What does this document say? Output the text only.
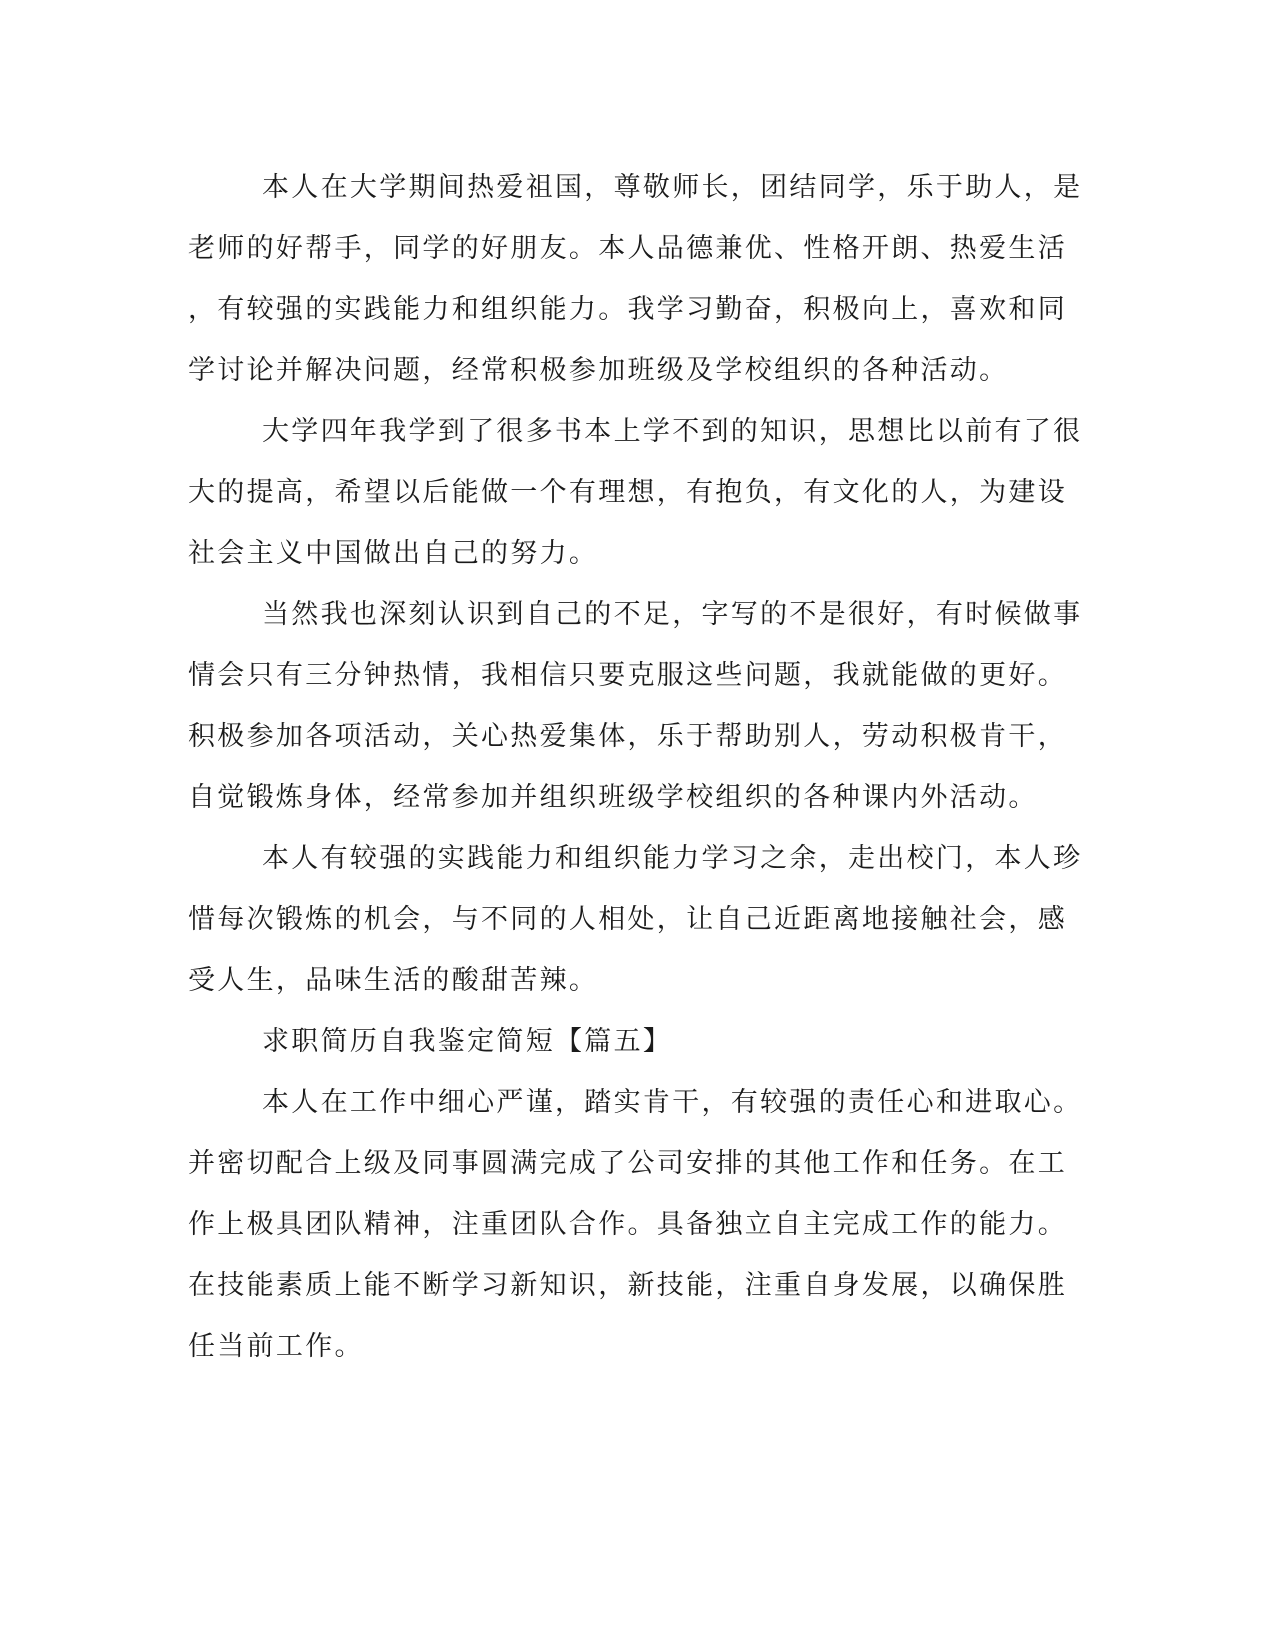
本人在大学期间热爱祖国，尊敬师长，团结同学，乐于助人，是
老师的好帮手，同学的好朋友。本人品德兼优、性格开朗、热爱生活
，有较强的实践能力和组织能力。我学习勤奋，积极向上，喜欢和同
学讨论并解决问题，经常积极参加班级及学校组织的各种活动。
大学四年我学到了很多书本上学不到的知识，思想比以前有了很
大的提高，希望以后能做一个有理想，有抱负，有文化的人，为建设
社会主义中国做出自己的努力。
当然我也深刻认识到自己的不足，字写的不是很好，有时候做事
情会只有三分钟热情，我相信只要克服这些问题，我就能做的更好。
积极参加各项活动，关心热爱集体，乐于帮助别人，劳动积极肯干，
自觉锻炼身体，经常参加并组织班级学校组织的各种课内外活动。
本人有较强的实践能力和组织能力学习之余，走出校门，本人珍
惜每次锻炼的机会，与不同的人相处，让自己近距离地接触社会，感
受人生，品味生活的酸甜苦辣。
求职简历自我鉴定简短【篇五】
本人在工作中细心严谨，踏实肯干，有较强的责任心和进取心。
并密切配合上级及同事圆满完成了公司安排的其他工作和任务。在工
作上极具团队精神，注重团队合作。具备独立自主完成工作的能力。
在技能素质上能不断学习新知识，新技能，注重自身发展，以确保胜
任当前工作。
